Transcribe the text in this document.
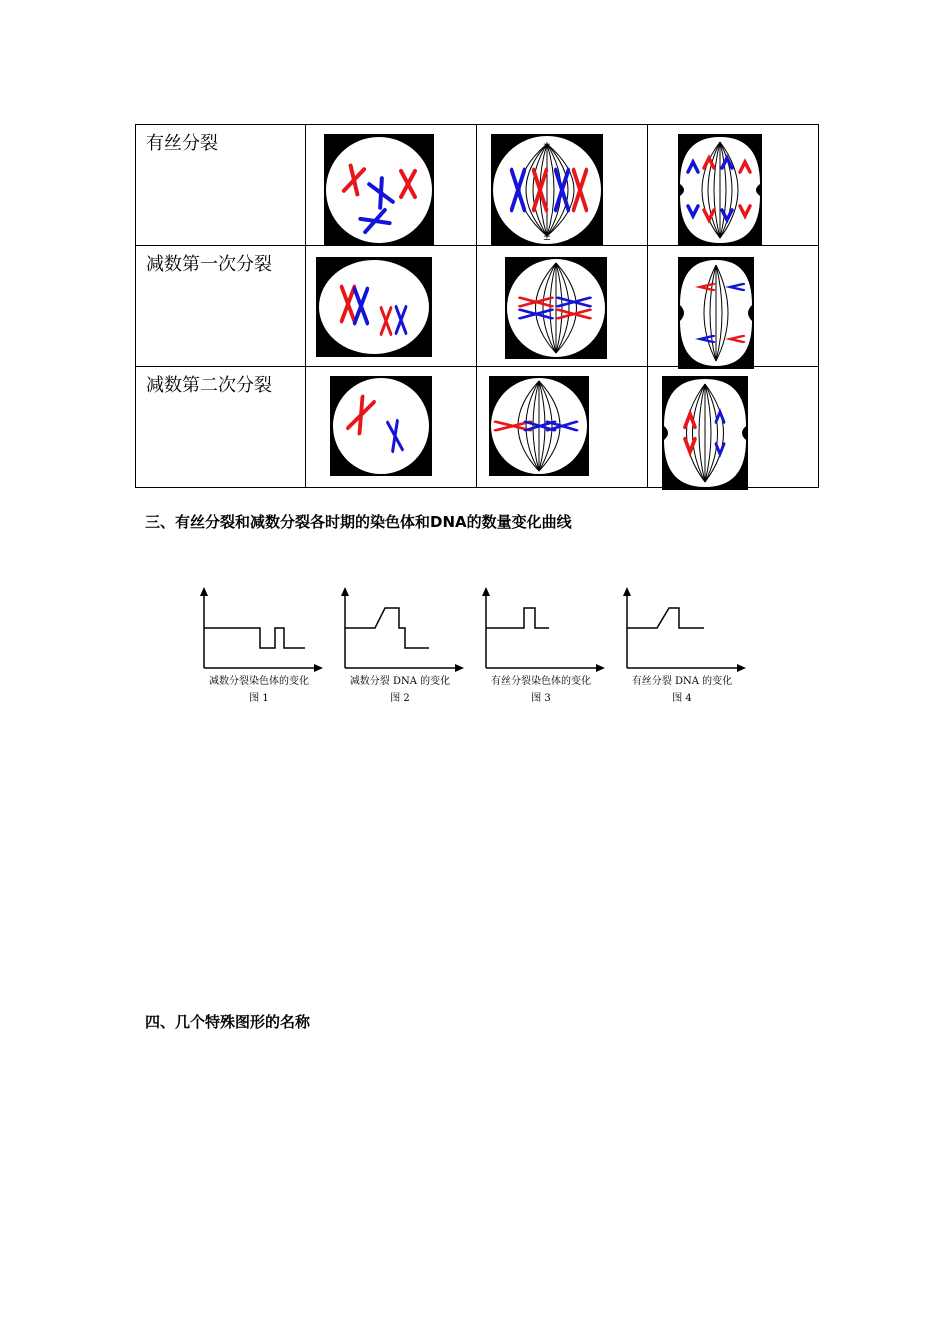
有丝分裂		±
±

减数第一次分裂	

减数第二次分裂	

三、有丝分裂和减数分裂各时期的染色体和DNA的数量变化曲线
减数分裂染色体的变化
图 1
减数分裂 DNA 的变化
图 2
有丝分裂染色体的变化
图 3
有丝分裂 DNA 的变化
图 4
四、几个特殊图形的名称
